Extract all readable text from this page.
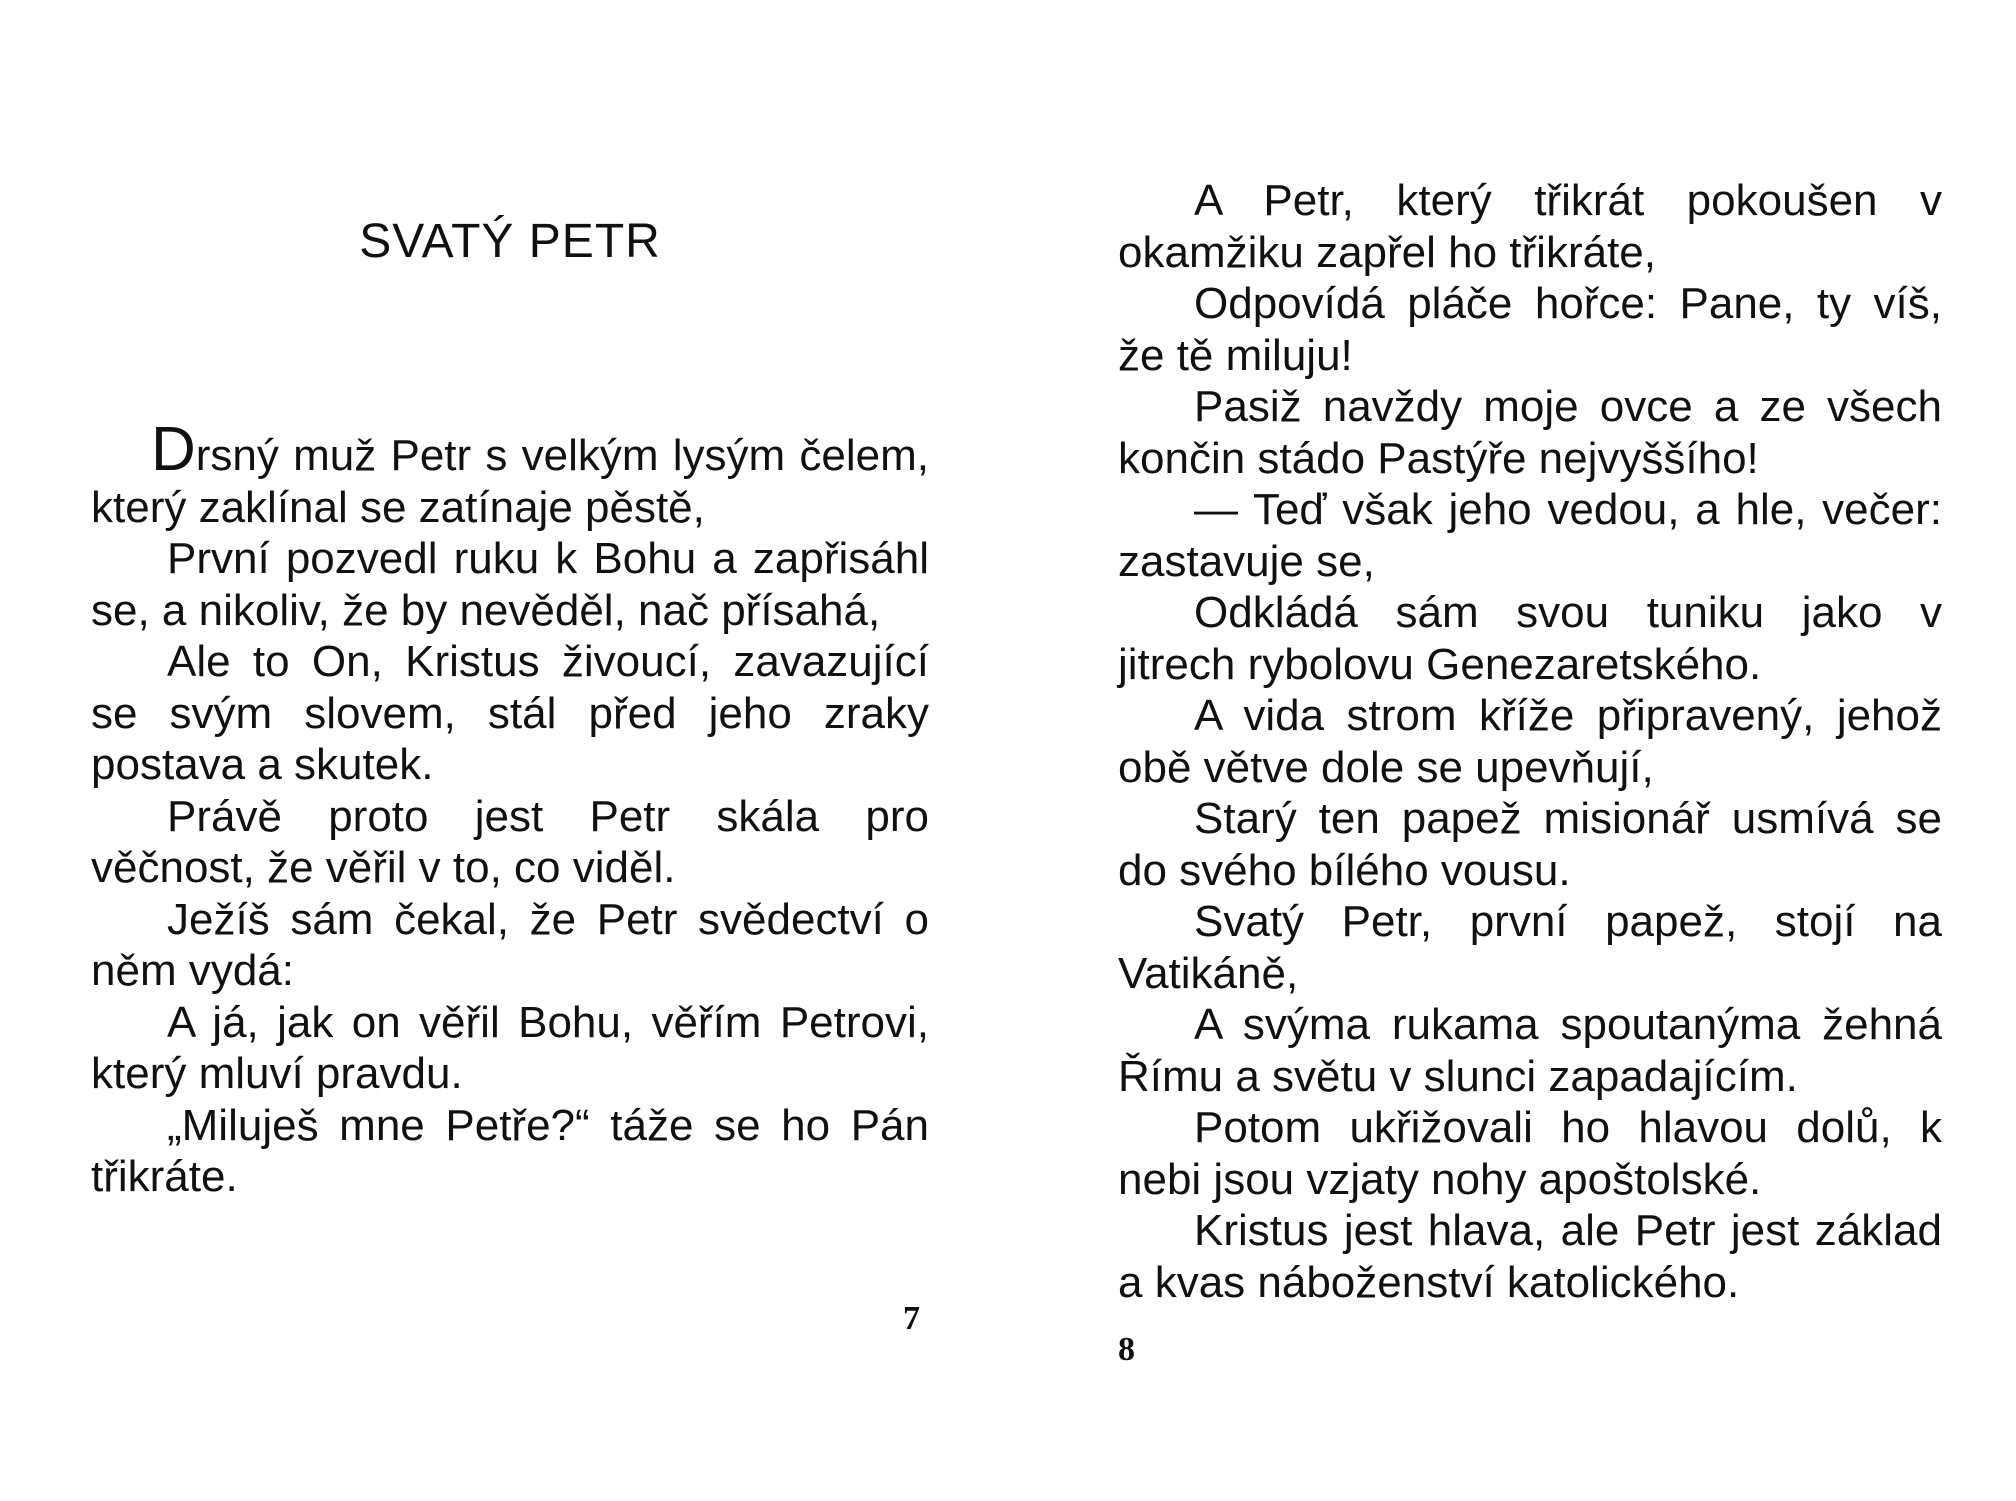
SVATÝ PETR

Drsný muž Petr s velkým lysým čelem, který zaklínal se zatínaje pěstě,

První pozvedl ruku k Bohu a zapřisáhl se, a nikoliv, že by nevěděl, nač přísahá,

Ale to On, Kristus živoucí, zavazující se svým slovem, stál před jeho zraky postava a skutek.

Právě proto jest Petr skála pro věčnost, že věřil v to, co viděl.

Ježíš sám čekal, že Petr svědectví o něm vydá:

A já, jak on věřil Bohu, věřím Petrovi, který mluví pravdu.

„Miluješ mne Petře?“ táže se ho Pán třikráte.

7

A Petr, který třikrát pokoušen v okamžiku zapřel ho třikráte,

Odpovídá pláče hořce: Pane, ty víš, že tě miluju!

Pasiž navždy moje ovce a ze všech končin stádo Pastýře nejvyššího!

— Teď však jeho vedou, a hle, večer: zastavuje se,

Odkládá sám svou tuniku jako v jitrech rybolovu Genezaretského.

A vida strom kříže připravený, jehož obě větve dole se upevňují,

Starý ten papež misionář usmívá se do svého bílého vousu.

Svatý Petr, první papež, stojí na Vatikáně,

A svýma rukama spoutanýma žehná Římu a světu v slunci zapadajícím.

Potom ukřižovali ho hlavou dolů, k nebi jsou vzjaty nohy apoštolské.

Kristus jest hlava, ale Petr jest základ a kvas náboženství katolického.

8
